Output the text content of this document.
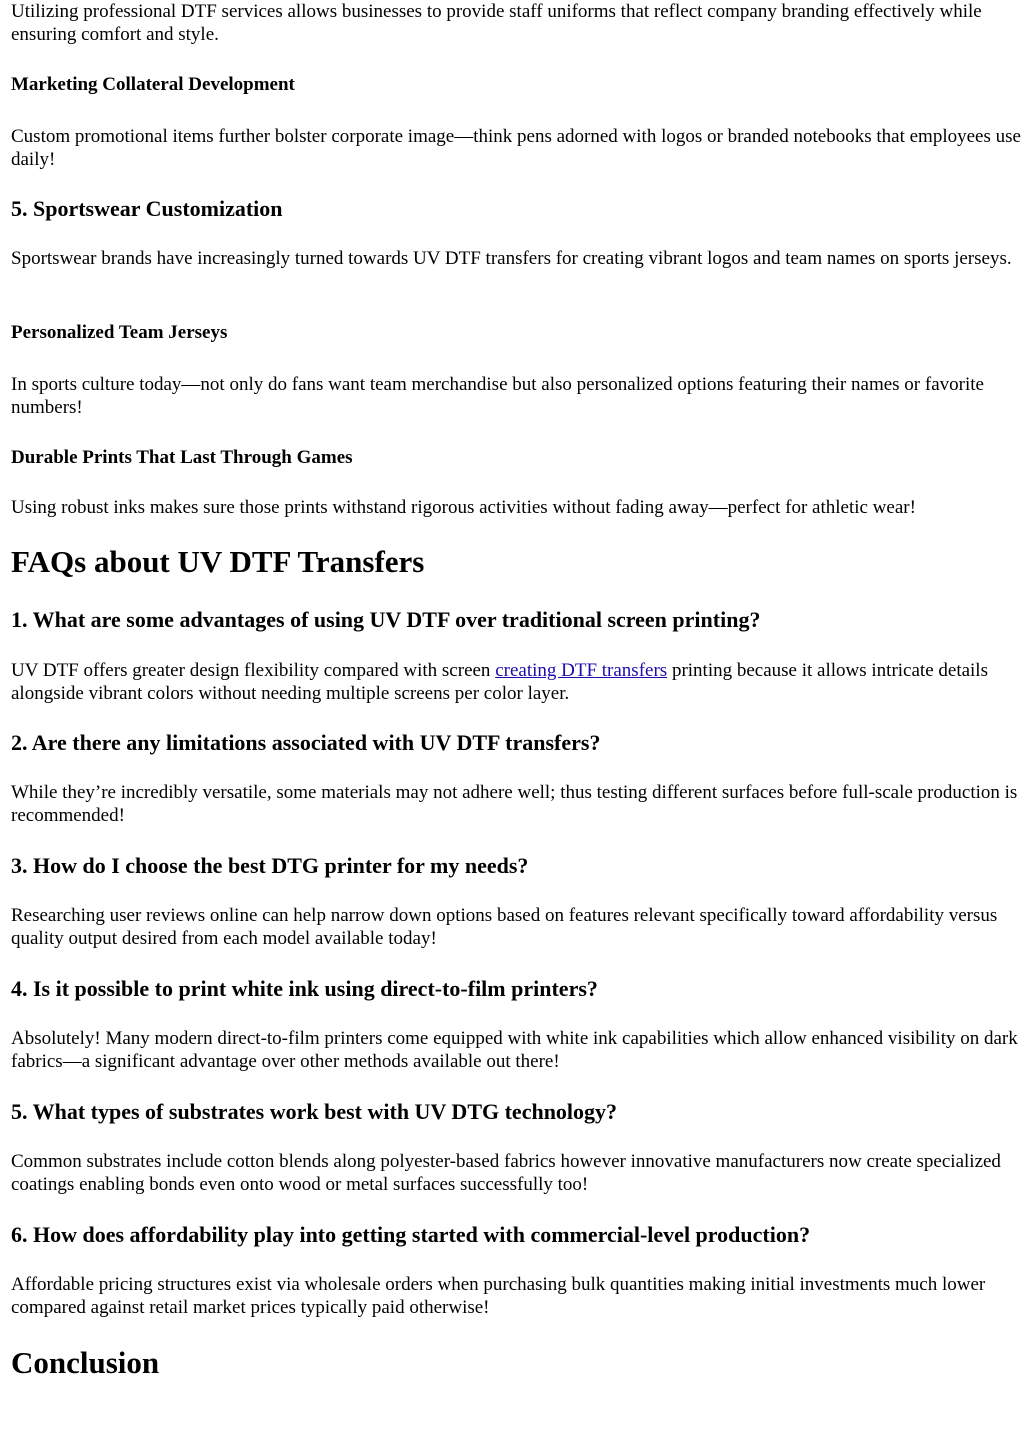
Utilizing professional DTF services allows businesses to provide staff uniforms that reflect company branding effectively while ensuring comfort and style.

Marketing Collateral Development

Custom promotional items further bolster corporate image—think pens adorned with logos or branded notebooks that employees use daily!

5. Sportswear Customization

Sportswear brands have increasingly turned towards UV DTF transfers for creating vibrant logos and team names on sports jerseys.

Personalized Team Jerseys

In sports culture today—not only do fans want team merchandise but also personalized options featuring their names or favorite numbers!

Durable Prints That Last Through Games

Using robust inks makes sure those prints withstand rigorous activities without fading away—perfect for athletic wear!

FAQs about UV DTF Transfers
1. What are some advantages of using UV DTF over traditional screen printing?

UV DTF offers greater design flexibility compared with screen creating DTF transfers printing because it allows intricate details alongside vibrant colors without needing multiple screens per color layer.

2. Are there any limitations associated with UV DTF transfers?

While they’re incredibly versatile, some materials may not adhere well; thus testing different surfaces before full-scale production is recommended!

3. How do I choose the best DTG printer for my needs?

Researching user reviews online can help narrow down options based on features relevant specifically toward affordability versus quality output desired from each model available today!

4. Is it possible to print white ink using direct-to-film printers?

Absolutely! Many modern direct-to-film printers come equipped with white ink capabilities which allow enhanced visibility on dark fabrics—a significant advantage over other methods available out there!

5. What types of substrates work best with UV DTG technology?

Common substrates include cotton blends along polyester-based fabrics however innovative manufacturers now create specialized coatings enabling bonds even onto wood or metal surfaces successfully too!

6. How does affordability play into getting started with commercial-level production?

Affordable pricing structures exist via wholesale orders when purchasing bulk quantities making initial investments much lower compared against retail market prices typically paid otherwise!

Conclusion
